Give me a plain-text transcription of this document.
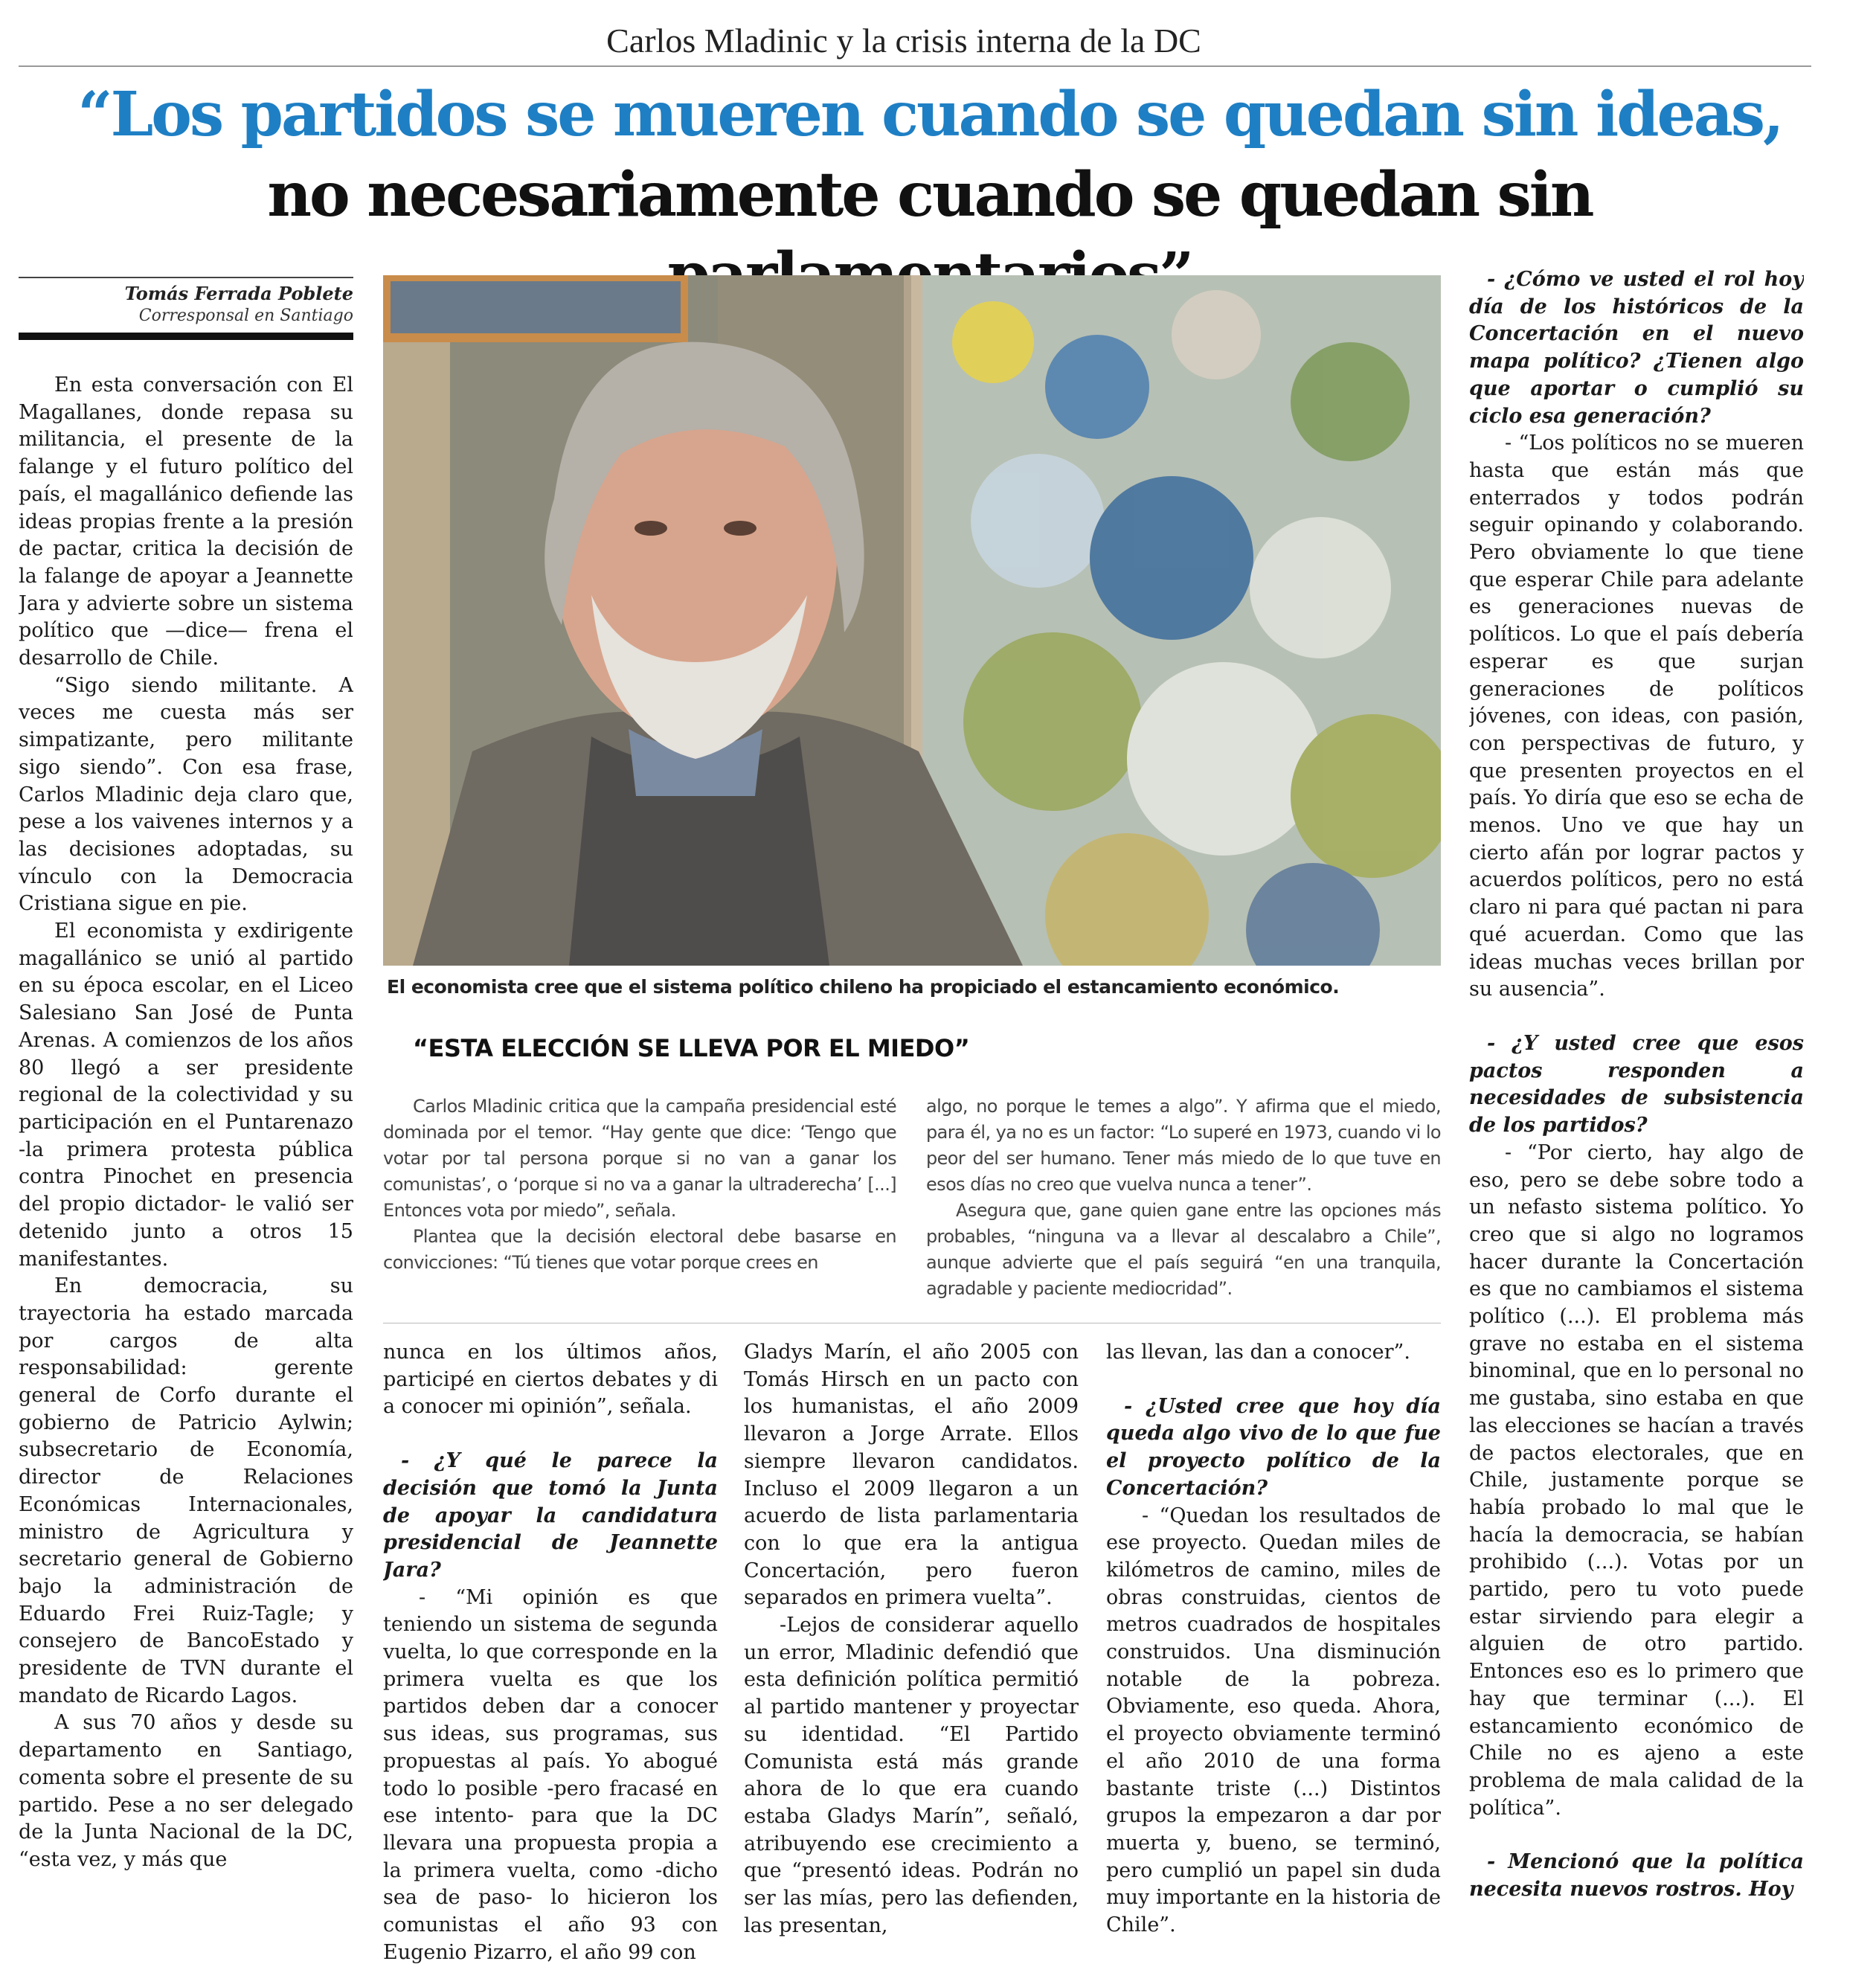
Carlos Mladinic y la crisis interna de la DC
“Los partidos se mueren cuando se quedan sin ideas, no necesariamente cuando se quedan sin
Tomás Ferrada Poblete
Corresponsal en Santiago

En esta conversación con El Magallanes, donde repasa su militancia, el presente de la falange y el futuro político del país, el magallánico defiende las ideas propias frente a la presión de pactar, critica la decisión de la falange de apoyar a Jeannette Jara y advierte sobre un sistema político que —dice— frena el desarrollo de Chile.

“Sigo siendo militante. A veces me cuesta más ser simpatizante, pero militante sigo siendo”. Con esa frase, Carlos Mladinic deja claro que, pese a los vaivenes internos y a las decisiones adoptadas, su vínculo con la Democracia Cristiana sigue en pie.

El economista y exdirigente magallánico se unió al partido en su época escolar, en el Liceo Salesiano San José de Punta Arenas. A comienzos de los años 80 llegó a ser presidente regional de la colectividad y su participación en el Puntarenazo -la primera protesta pública contra Pinochet en presencia del propio dictador- le valió ser detenido junto a otros 15 manifestantes.

En democracia, su trayectoria ha estado marcada por cargos de alta responsabilidad: gerente general de Corfo durante el gobierno de Patricio Aylwin; subsecretario de Economía, director de Relaciones Económicas Internacionales, ministro de Agricultura y secretario general de Gobierno bajo la administración de Eduardo Frei Ruiz-Tagle; y consejero de BancoEstado y presidente de TVN durante el mandato de Ricardo Lagos.

A sus 70 años y desde su departamento en Santiago, comenta sobre el presente de su partido. Pese a no ser delegado de la Junta Nacional de la DC, “esta vez, y más que

El economista cree que el sistema político chileno ha propiciado el estancamiento económico.
“ESTA ELECCIÓN SE LLEVA POR EL MIEDO”

Carlos Mladinic critica que la campaña presidencial esté dominada por el temor. “Hay gente que dice: ‘Tengo que votar por tal persona porque si no van a ganar los comunistas’, o ‘porque si no va a ganar la ultraderecha’ [...] Entonces vota por miedo”, señala.

Plantea que la decisión electoral debe basarse en convicciones: “Tú tienes que votar porque crees en

algo, no porque le temes a algo”. Y afirma que el miedo, para él, ya no es un factor: “Lo superé en 1973, cuando vi lo peor del ser humano. Tener más miedo de lo que tuve en esos días no creo que vuelva nunca a tener”.

Asegura que, gane quien gane entre las opciones más probables, “ninguna va a llevar al descalabro a Chile”, aunque advierte que el país seguirá “en una tranquila, agradable y paciente mediocridad”.

nunca en los últimos años, participé en ciertos debates y di a conocer mi opinión”, señala.

- ¿Y qué le parece la decisión que tomó la Junta de apoyar la candidatura presidencial de Jeannette Jara?

- “Mi opinión es que teniendo un sistema de segunda vuelta, lo que corresponde en la primera vuelta es que los partidos deben dar a conocer sus ideas, sus programas, sus propuestas al país. Yo abogué todo lo posible -pero fracasé en ese intento- para que la DC llevara una propuesta propia a la primera vuelta, como -dicho sea de paso- lo hicieron los comunistas el año 93 con Eugenio Pizarro, el año 99 con

Gladys Marín, el año 2005 con Tomás Hirsch en un pacto con los humanistas, el año 2009 llevaron a Jorge Arrate. Ellos siempre llevaron candidatos. Incluso el 2009 llegaron a un acuerdo de lista parlamentaria con lo que era la antigua Concertación, pero fueron separados en primera vuelta”.

-Lejos de considerar aquello un error, Mladinic defendió que esta definición política permitió al partido mantener y proyectar su identidad. “El Partido Comunista está más grande ahora de lo que era cuando estaba Gladys Marín”, señaló, atribuyendo ese crecimiento a que “presentó ideas. Podrán no ser las mías, pero las defienden, las presentan,

las llevan, las dan a conocer”.

- ¿Usted cree que hoy día queda algo vivo de lo que fue el proyecto político de la Concertación?

- “Quedan los resultados de ese proyecto. Quedan miles de kilómetros de camino, miles de obras construidas, cientos de metros cuadrados de hospitales construidos. Una disminución notable de la pobreza. Obviamente, eso queda. Ahora, el proyecto obviamente terminó el año 2010 de una forma bastante triste (...) Distintos grupos la empezaron a dar por muerta y, bueno, se terminó, pero cumplió un papel sin duda muy importante en la historia de Chile”.

- ¿Cómo ve usted el rol hoy día de los históricos de la Concertación en el nuevo mapa político? ¿Tienen algo que aportar o cumplió su ciclo esa generación?

- “Los políticos no se mueren hasta que están más que enterrados y todos podrán seguir opinando y colaborando. Pero obviamente lo que tiene que esperar Chile para adelante es generaciones nuevas de políticos. Lo que el país debería esperar es que surjan generaciones de políticos jóvenes, con ideas, con pasión, con perspectivas de futuro, y que presenten proyectos en el país. Yo diría que eso se echa de menos. Uno ve que hay un cierto afán por lograr pactos y acuerdos políticos, pero no está claro ni para qué pactan ni para qué acuerdan. Como que las ideas muchas veces brillan por su ausencia”.

- ¿Y usted cree que esos pactos responden a necesidades de subsistencia de los partidos?

- “Por cierto, hay algo de eso, pero se debe sobre todo a un nefasto sistema político. Yo creo que si algo no logramos hacer durante la Concertación es que no cambiamos el sistema político (...). El problema más grave no estaba en el sistema binominal, que en lo personal no me gustaba, sino estaba en que las elecciones se hacían a través de pactos electorales, que en Chile, justamente porque se había probado lo mal que le hacía la democracia, se habían prohibido (...). Votas por un partido, pero tu voto puede estar sirviendo para elegir a alguien de otro partido. Entonces eso es lo primero que hay que terminar (...). El estancamiento económico de Chile no es ajeno a este problema de mala calidad de la política”.

- Mencionó que la política necesita nuevos rostros. Hoy
